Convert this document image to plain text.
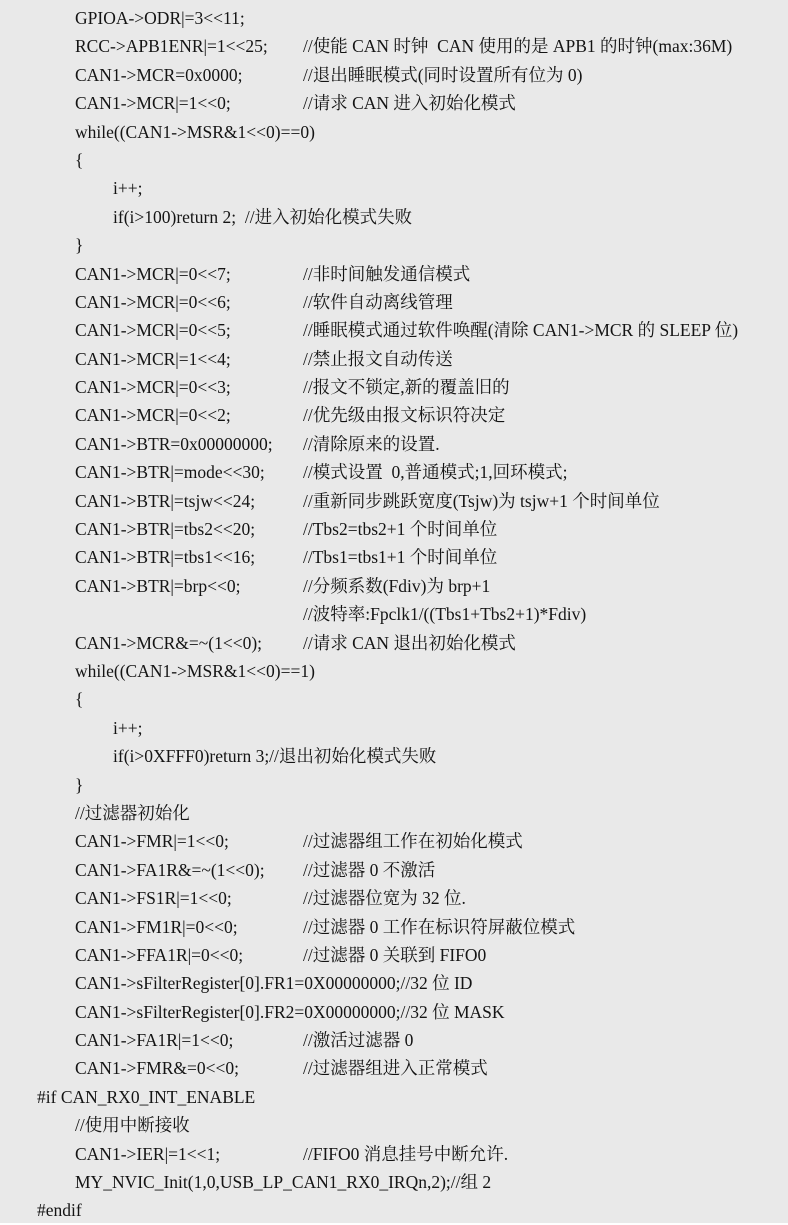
GPIOA->ODR|=3<<11;
RCC->APB1ENR|=1<<25; //使能 CAN 时钟  CAN 使用的是 APB1 的时钟(max:36M)
CAN1->MCR=0x0000;	//退出睡眠模式(同时设置所有位为 0)
CAN1->MCR|=1<<0;	//请求 CAN 进入初始化模式
while((CAN1->MSR&1<<0)==0)
{
i++;
if(i>100)return 2;  //进入初始化模式失败
}
CAN1->MCR|=0<<7;	//非时间触发通信模式
CAN1->MCR|=0<<6;	//软件自动离线管理
CAN1->MCR|=0<<5;	//睡眠模式通过软件唤醒(清除 CAN1->MCR 的 SLEEP 位)
CAN1->MCR|=1<<4;	//禁止报文自动传送
CAN1->MCR|=0<<3;	//报文不锁定,新的覆盖旧的
CAN1->MCR|=0<<2;	//优先级由报文标识符决定
CAN1->BTR=0x00000000; //清除原来的设置.
CAN1->BTR|=mode<<30; //模式设置  0,普通模式;1,回环模式;
CAN1->BTR|=tsjw<<24;	//重新同步跳跃宽度(Tsjw)为 tsjw+1 个时间单位
CAN1->BTR|=tbs2<<20;	//Tbs2=tbs2+1 个时间单位
CAN1->BTR|=tbs1<<16;	//Tbs1=tbs1+1 个时间单位
CAN1->BTR|=brp<<0;	//分频系数(Fdiv)为 brp+1
//波特率:Fpclk1/((Tbs1+Tbs2+1)*Fdiv)
CAN1->MCR&=~(1<<0); //请求 CAN 退出初始化模式
while((CAN1->MSR&1<<0)==1)
{
i++;
if(i>0XFFF0)return 3;//退出初始化模式失败
}
//过滤器初始化
CAN1->FMR|=1<<0;	//过滤器组工作在初始化模式
CAN1->FA1R&=~(1<<0); //过滤器 0 不激活
CAN1->FS1R|=1<<0;	//过滤器位宽为 32 位.
CAN1->FM1R|=0<<0;	//过滤器 0 工作在标识符屏蔽位模式
CAN1->FFA1R|=0<<0;	//过滤器 0 关联到 FIFO0
CAN1->sFilterRegister[0].FR1=0X00000000;//32 位 ID
CAN1->sFilterRegister[0].FR2=0X00000000;//32 位 MASK
CAN1->FA1R|=1<<0;	//激活过滤器 0
CAN1->FMR&=0<<0;	//过滤器组进入正常模式
#if CAN_RX0_INT_ENABLE
//使用中断接收
CAN1->IER|=1<<1;	//FIFO0 消息挂号中断允许.
MY_NVIC_Init(1,0,USB_LP_CAN1_RX0_IRQn,2);//组 2
#endif
